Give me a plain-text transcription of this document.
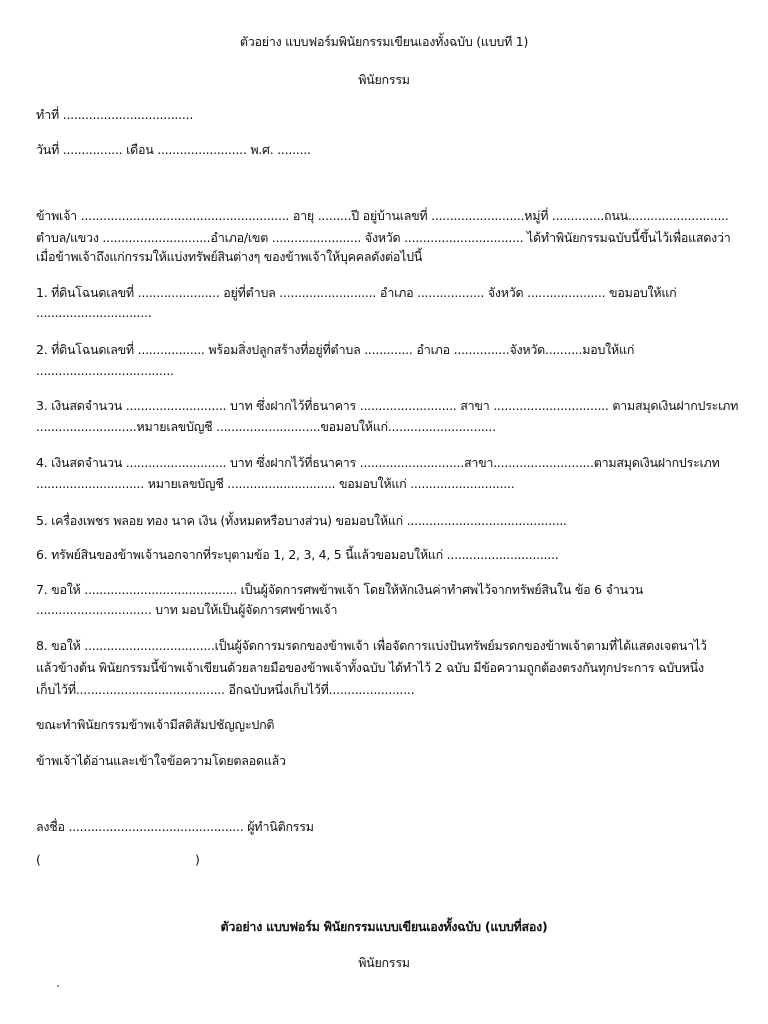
ตัวอย่าง แบบฟอร์มพินัยกรรมเขียนเองทั้งฉบับ (แบบที 1)
พินัยกรรม
ทำที่ ...................................
วันที่ ................ เดือน ........................ พ.ศ. .........
ข้าพเจ้า ........................................................ อายุ .........ปี อยู่บ้านเลขที่ .........................หมู่ที่ ..............ถนน...........................
ตำบล/แขวง .............................อำเภอ/เขต ........................ จังหวัด ................................ ได้ทำพินัยกรรมฉบับนี้ขึ้นไว้เพื่อแสดงว่า
เมื่อข้าพเจ้าถึงแก่กรรมให้แบ่งทรัพย์สินต่างๆ ของข้าพเจ้าให้บุคคลดังต่อไปนี้
1. ที่ดินโฉนดเลขที่ ...................... อยู่ที่ตำบล .......................... อำเภอ .................. จังหวัด ..................... ขอมอบให้แก่
...............................
2. ที่ดินโฉนดเลขที่ .................. พร้อมสิ่งปลูกสร้างที่อยู่ที่ตำบล ............. อำเภอ ...............จังหวัด..........มอบให้แก่
.....................................
3. เงินสดจำนวน ........................... บาท ซึ่งฝากไว้ที่ธนาคาร .......................... สาขา ............................... ตามสมุดเงินฝากประเภท
...........................หมายเลขบัญชี ............................ขอมอบให้แก่.............................
4. เงินสดจำนวน ........................... บาท ซึ่งฝากไว้ที่ธนาคาร ............................สาขา...........................ตามสมุดเงินฝากประเภท
............................. หมายเลขบัญชี ............................. ขอมอบให้แก่ ............................
5. เครื่องเพชร พลอย ทอง นาค เงิน (ทั้งหมดหรือบางส่วน) ขอมอบให้แก่ ...........................................
6. ทรัพย์สินของข้าพเจ้านอกจากที่ระบุตามข้อ 1, 2, 3, 4, 5 นี้แล้วขอมอบให้แก่ ..............................
7. ขอให้ ......................................... เป็นผู้จัดการศพข้าพเจ้า โดยให้หักเงินค่าทำศพไว้จากทรัพย์สินใน ข้อ 6 จำนวน
............................... บาท มอบให้เป็นผู้จัดการศพข้าพเจ้า
8. ขอให้ ...................................เป็นผู้จัดการมรดกของข้าพเจ้า เพื่อจัดการแบ่งปันทรัพย์มรดกของข้าพเจ้าตามที่ได้แสดงเจตนาไว้
แล้วข้างต้น พินัยกรรมนี้ข้าพเจ้าเขียนด้วยลายมือของข้าพเจ้าทั้งฉบับ ได้ทำไว้ 2 ฉบับ มีข้อความถูกต้องตรงกันทุกประการ ฉบับหนึ่ง
เก็บไว้ที่........................................ อีกฉบับหนึ่งเก็บไว้ที่.......................
ขณะทำพินัยกรรมข้าพเจ้ามีสติสัมปชัญญะปกติ
ข้าพเจ้าได้อ่านและเข้าใจข้อความโดยตลอดแล้ว
ลงชื่อ ............................................... ผู้ทำนิติกรรม
(	)
ตัวอย่าง แบบฟอร์ม พินัยกรรมแบบเขียนเองทั้งฉบับ (แบบที่สอง)
พินัยกรรม
